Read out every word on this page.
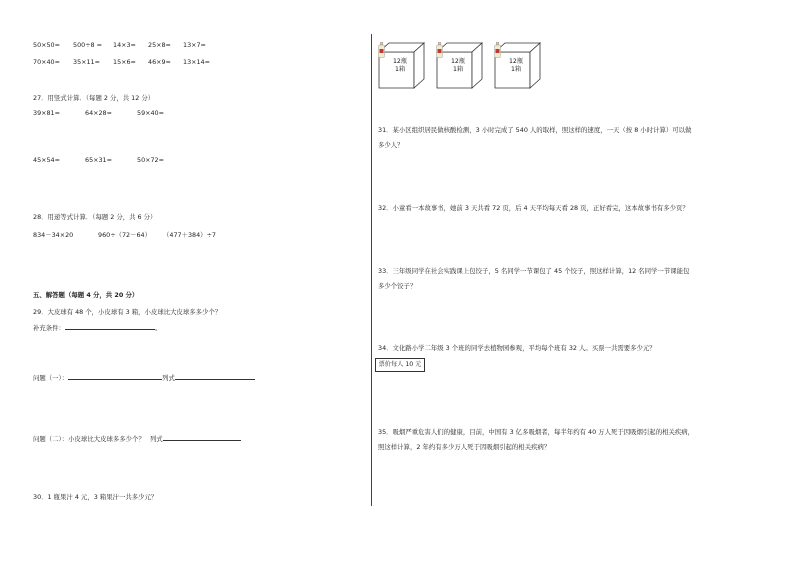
50×50= 500÷8 = 14×3= 25×8= 13×7=
70×40= 35×11= 15×6= 46×9= 13×14=
27．用竖式计算．（每题 2 分，共 12 分）
39×81=	64×28=	59×40=
45×54=	65×31=	50×72=
28．用递等式计算．（每题 2 分，共 6 分）
834－34×20	960÷（72－64） （477＋384）÷7
五、解答题（每题 4 分，共 20 分）
29．大皮球有 48 个，小皮球有 3 箱，小皮球比大皮球多多少个？
补充条件：	。
问题（一）：	列式
问题（二）：小皮球比大皮球多多少个？ 列式
30．1 瓶果汁 4 元，3 箱果汁一共多少元？
12瓶
1箱
12瓶
1箱
12瓶
1箱
31．某小区组织居民做核酸检测，3 小时完成了 540 人的取样，照这样的速度，一天（按 8 小时计算）可以做
多少人？
32．小童看一本故事书，她前 3 天共看 72 页，后 4 天平均每天看 28 页，正好看完，这本故事书有多少页？
33．三年级同学在社会实践课上包饺子，5 名同学一节课包了 45 个饺子，照这样计算，12 名同学一节课能包
多少个饺子？
34．文化路小学二年级 3 个班的同学去植物园参观，平均每个班有 32 人。买票一共需要多少元？
票价每人 10 元
35．吸烟严重危害人们的健康，目前，中国有 3 亿多吸烟者，每半年约有 40 万人死于因吸烟引起的相关疾病，
照这样计算，2 年约有多少万人死于因吸烟引起的相关疾病？
